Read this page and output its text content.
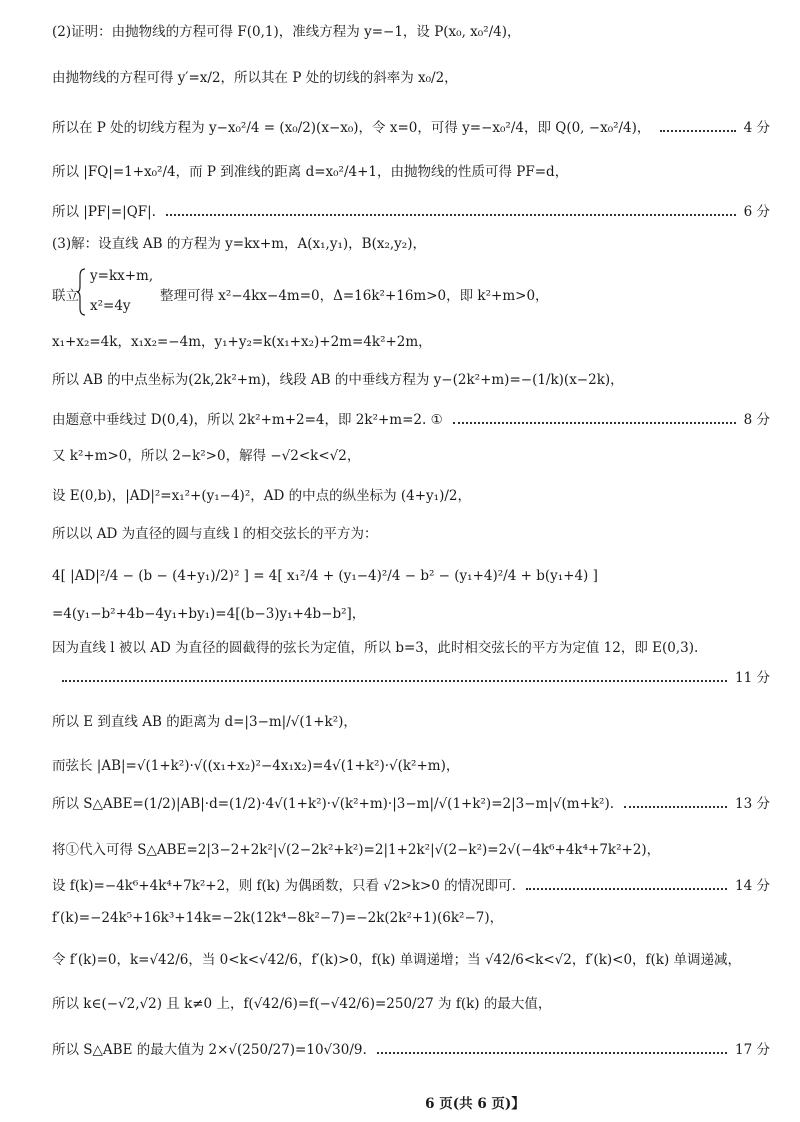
(2)证明：由抛物线的方程可得 F(0,1)，准线方程为 y=−1，设 P(x₀, x₀²/4)，
由抛物线的方程可得 y′=x/2，所以其在 P 处的切线的斜率为 x₀/2，
所以在 P 处的切线方程为 y−x₀²/4 = (x₀/2)(x−x₀)，令 x=0，可得 y=−x₀²/4，即 Q(0, −x₀²/4)，	4 分
所以 |FQ|=1+x₀²/4，而 P 到准线的距离 d=x₀²/4+1，由抛物线的性质可得 PF=d，
所以 |PF|=|QF|.	6 分
(3)解：设直线 AB 的方程为 y=kx+m，A(x₁,y₁)，B(x₂,y₂)，
联立
y=kx+m,
x²=4y
整理可得 x²−4kx−4m=0，Δ=16k²+16m>0，即 k²+m>0，
x₁+x₂=4k，x₁x₂=−4m，y₁+y₂=k(x₁+x₂)+2m=4k²+2m，
所以 AB 的中点坐标为(2k,2k²+m)，线段 AB 的中垂线方程为 y−(2k²+m)=−(1/k)(x−2k)，
由题意中垂线过 D(0,4)，所以 2k²+m+2=4，即 2k²+m=2. ①	8 分
又 k²+m>0，所以 2−k²>0，解得 −√2<k<√2，
设 E(0,b)，|AD|²=x₁²+(y₁−4)²，AD 的中点的纵坐标为 (4+y₁)/2，
所以以 AD 为直径的圆与直线 l 的相交弦长的平方为：
4[ |AD|²/4 − (b − (4+y₁)/2)² ] = 4[ x₁²/4 + (y₁−4)²/4 − b² − (y₁+4)²/4 + b(y₁+4) ]
=4(y₁−b²+4b−4y₁+by₁)=4[(b−3)y₁+4b−b²]，
因为直线 l 被以 AD 为直径的圆截得的弦长为定值，所以 b=3，此时相交弦长的平方为定值 12，即 E(0,3).
11 分
所以 E 到直线 AB 的距离为 d=|3−m|/√(1+k²)，
而弦长 |AB|=√(1+k²)·√((x₁+x₂)²−4x₁x₂)=4√(1+k²)·√(k²+m)，
所以 S△ABE=(1/2)|AB|·d=(1/2)·4√(1+k²)·√(k²+m)·|3−m|/√(1+k²)=2|3−m|√(m+k²).	13 分
将①代入可得 S△ABE=2|3−2+2k²|√(2−2k²+k²)=2|1+2k²|√(2−k²)=2√(−4k⁶+4k⁴+7k²+2)，
设 f(k)=−4k⁶+4k⁴+7k²+2，则 f(k) 为偶函数，只看 √2>k>0 的情况即可.	14 分
f′(k)=−24k⁵+16k³+14k=−2k(12k⁴−8k²−7)=−2k(2k²+1)(6k²−7)，
令 f′(k)=0，k=√42/6，当 0<k<√42/6，f′(k)>0，f(k) 单调递增；当 √42/6<k<√2，f′(k)<0，f(k) 单调递减，
所以 k∈(−√2,√2) 且 k≠0 上，f(√42/6)=f(−√42/6)=250/27 为 f(k) 的最大值，
所以 S△ABE 的最大值为 2×√(250/27)=10√30/9.	17 分
6 页(共 6 页)】
